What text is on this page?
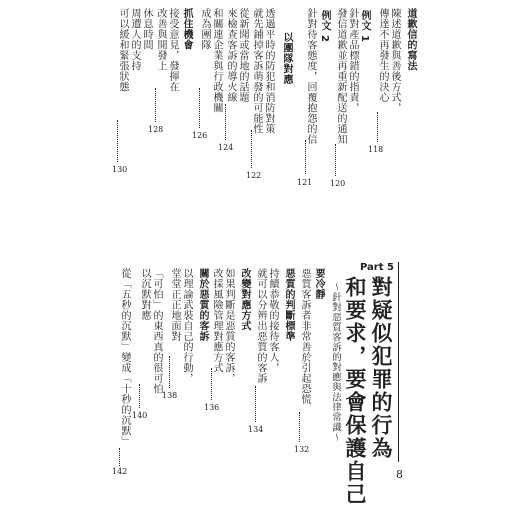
道歉信的寫法
陳述道歉與善後方式，
傳達不再發生的決心
118
例文 1
針對產品標錯的指責，
發信道歉並再重新配送的通知
120
例文 2
針對待客態度，回覆抱怨的信
121
以團隊對應
透過平時的防犯和消防對策
就先鋪掉客訴萌發的可能性
122
從新聞或當地的話題
來檢查客訴的導火線
124
和關連企業與行政機關
成為團隊
126
抓住機會
接受意見，發揮在
改善與開發上
128
休息時間
周遭人的支持
可以緩和緊張狀態
130
Part 5
對疑似犯罪的行為
和要求，要會保護自己
～針對惡質客訴的對應與法律常識～
要冷靜
惡質客訴者非常善於引起恐慌
132
惡質的判斷標準
持續恭敬的接待客人，
就可以分辨出惡質的客訴
134
改變對應方式
如果判斷是惡質的客訴，
改採風險管理對應方式
136
關於惡質的客訴
以理論武裝自己的行動，
堂堂正正地面對
138
「可怕」的東西真的很可怕
以沉默對應
140
從「五秒的沉默」變成「十秒的沉默」
142	8
